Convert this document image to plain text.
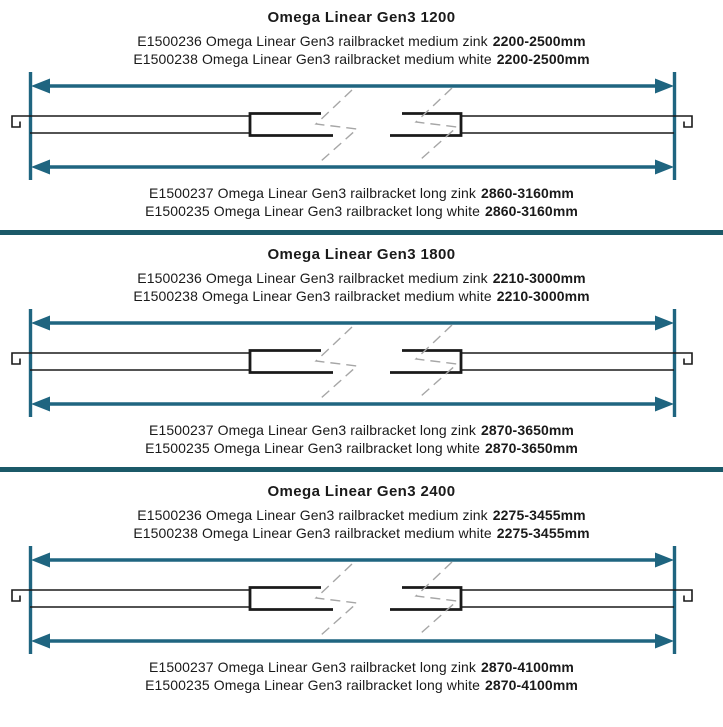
Omega Linear Gen3 1200

E1500236 Omega Linear Gen3 railbracket medium zink 2200-2500mm

E1500238 Omega Linear Gen3 railbracket medium white 2200-2500mm

E1500237 Omega Linear Gen3 railbracket long zink 2860-3160mm

E1500235 Omega Linear Gen3 railbracket long white 2860-3160mm

Omega Linear Gen3 1800

E1500236 Omega Linear Gen3 railbracket medium zink 2210-3000mm

E1500238 Omega Linear Gen3 railbracket medium white 2210-3000mm

E1500237 Omega Linear Gen3 railbracket long zink 2870-3650mm

E1500235 Omega Linear Gen3 railbracket long white 2870-3650mm

Omega Linear Gen3 2400

E1500236 Omega Linear Gen3 railbracket medium zink 2275-3455mm

E1500238 Omega Linear Gen3 railbracket medium white 2275-3455mm

E1500237 Omega Linear Gen3 railbracket long zink 2870-4100mm

E1500235 Omega Linear Gen3 railbracket long white 2870-4100mm
